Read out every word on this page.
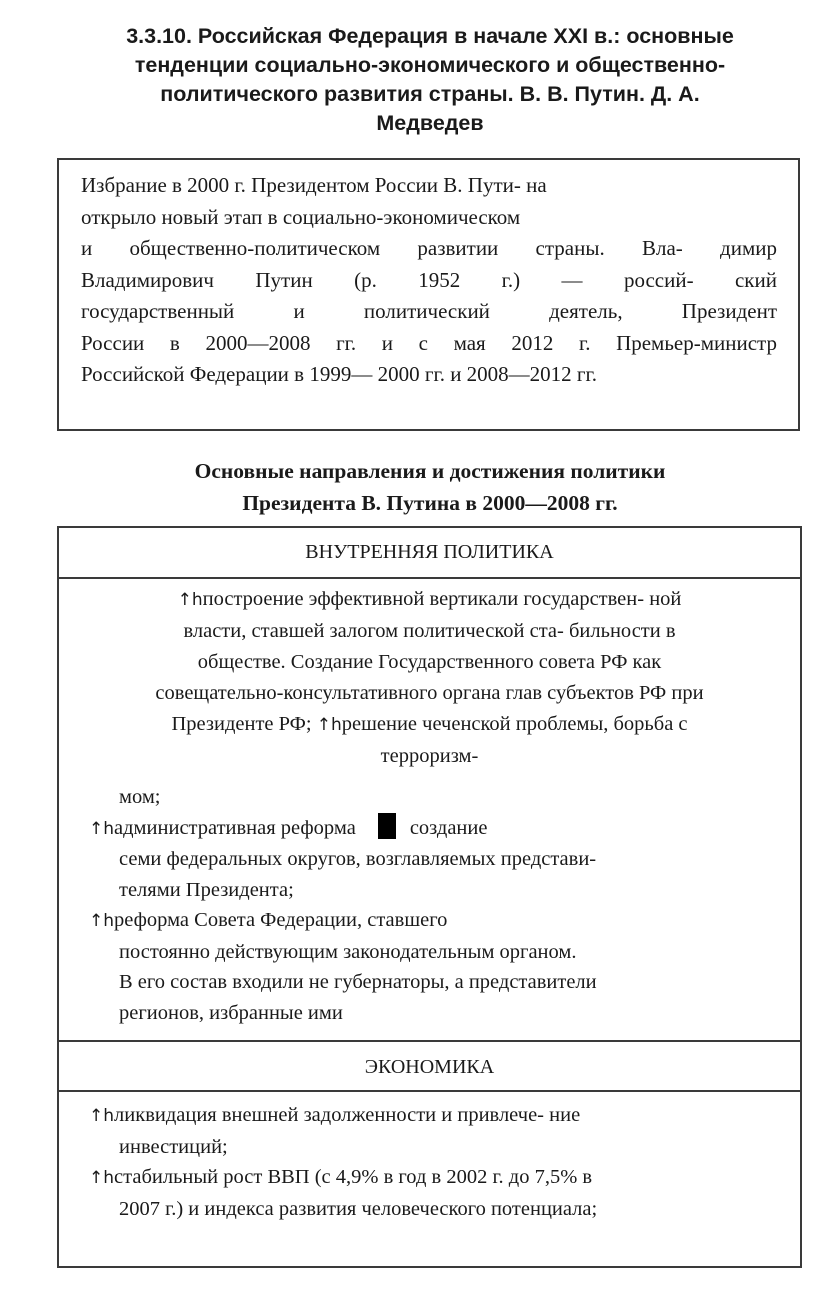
3.3.10. Российская Федерация в начале XXI в.: основные
тенденции социально-экономического и общественно-
политического развития страны. В. В. Путин. Д. А.
Медведев
Избрание в 2000 г. Президентом России В. Пути- на
открыло новый этап в социально-экономическом
и общественно-политическом развитии страны. Вла- димир
Владимирович Путин (р. 1952 г.) — россий- ский
государственный и политический деятель, Президент
России в 2000—2008 гг. и с мая 2012 г. Премьер-министр
Российской Федерации в 1999— 2000 гг. и 2008—2012 гг.
Основные направления и достижения политики
Президента В. Путина в 2000—2008 гг.
ВНУТРЕННЯЯ ПОЛИТИКА
↑hпостроение эффективной вертикали государствен- ной
власти, ставшей залогом политической ста- бильности в
обществе. Создание Государственного совета РФ как
совещательно-консультативного органа глав субъектов РФ при
Президенте РФ; ↑hрешение чеченской проблемы, борьба с
терроризм-
мом;
↑hадминистративная реформа	создание
семи федеральных округов, возглавляемых представи-
телями Президента;
↑hреформа Совета Федерации, ставшего
постоянно действующим законодательным органом.
В его состав входили не губернаторы, а представители
регионов, избранные ими
ЭКОНОМИКА
↑hликвидация внешней задолженности и привлече- ние
инвестиций;
↑hстабильный рост ВВП (с 4,9% в год в 2002 г. до 7,5% в
2007 г.) и индекса развития человеческого потенциала;
